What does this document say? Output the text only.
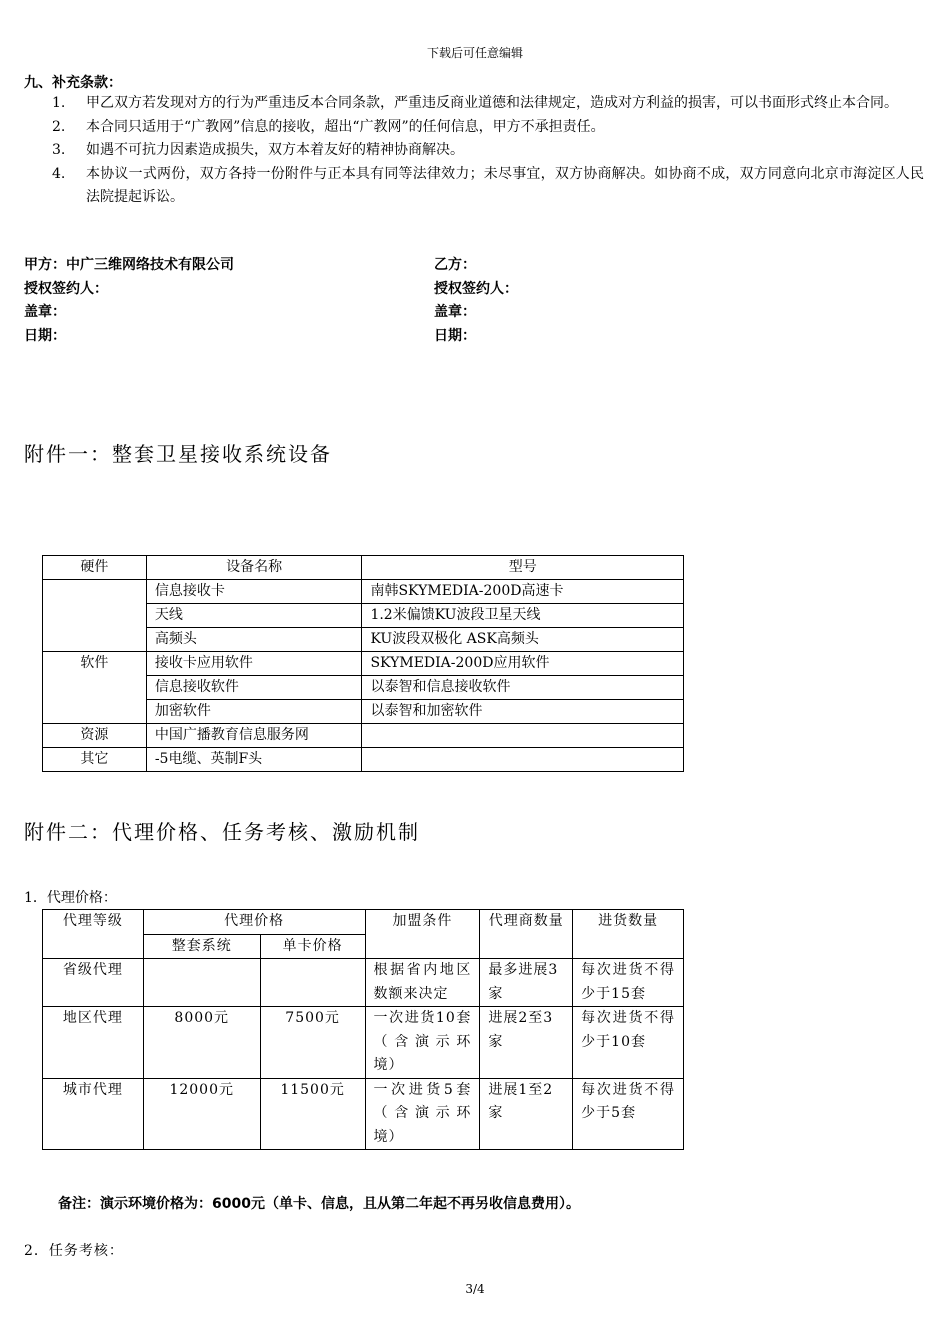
下载后可任意编辑
九、补充条款：
1.	甲乙双方若发现对方的行为严重违反本合同条款，严重违反商业道德和法律规定，造成对方利益的损害，可以书面形式终止本合同。
2.	本合同只适用于“广教网”信息的接收，超出“广教网”的任何信息，甲方不承担责任。
3.	如遇不可抗力因素造成损失，双方本着友好的精神协商解决。
4.	本协议一式两份，双方各持一份附件与正本具有同等法律效力；未尽事宜，双方协商解决。如协商不成，双方同意向北京市海淀区人民法院提起诉讼。
甲方：中广三维网络技术有限公司
授权签约人：
盖章：
日期：
乙方：
授权签约人：
盖章：
日期：
附件一：整套卫星接收系统设备
硬件	设备名称	型号
	信息接收卡	南韩SKYMEDIA-200D高速卡
	天线	1.2米偏馈KU波段卫星天线
	高频头	KU波段双极化 ASK高频头
软件	接收卡应用软件	SKYMEDIA-200D应用软件
	信息接收软件	以泰智和信息接收软件
	加密软件	以泰智和加密软件
资源	中国广播教育信息服务网	
其它	-5电缆、英制F头	
附件二：代理价格、任务考核、激励机制
1．代理价格：
代理等级	代理价格		加盟条件	代理商数量	进货数量
	整套系统	单卡价格			
省级代理			根据省内地区数额来决定	最多进展3家	每次进货不得少于15套
地区代理	8000元	7500元	一次进货10套（含演示环境）	进展2至3家	每次进货不得少于10套
城市代理	12000元	11500元	一次进货5套（含演示环境）	进展1至2家	每次进货不得少于5套
备注：演示环境价格为：6000元（单卡、信息，且从第二年起不再另收信息费用）。
2．任务考核：
3/4
